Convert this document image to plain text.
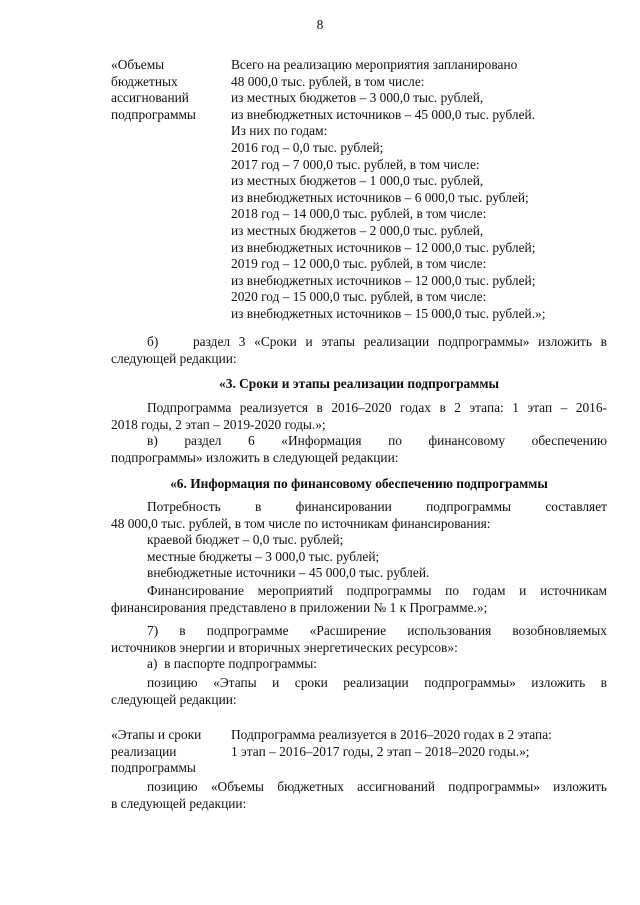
8
«Объемы
бюджетных
ассигнований
подпрограммы
Всего на реализацию мероприятия запланировано
48 000,0 тыс. рублей, в том числе:
из местных бюджетов – 3 000,0 тыс. рублей,
из внебюджетных источников – 45 000,0 тыс. рублей.
Из них по годам:
2016 год – 0,0 тыс. рублей;
2017 год – 7 000,0 тыс. рублей, в том числе:
из местных бюджетов – 1 000,0 тыс. рублей,
из внебюджетных источников – 6 000,0 тыс. рублей;
2018 год – 14 000,0 тыс. рублей, в том числе:
из местных бюджетов – 2 000,0 тыс. рублей,
из внебюджетных источников – 12 000,0 тыс. рублей;
2019 год – 12 000,0 тыс. рублей, в том числе:
из внебюджетных источников – 12 000,0 тыс. рублей;
2020 год – 15 000,0 тыс. рублей, в том числе:
из внебюджетных источников – 15 000,0 тыс. рублей.»;
б)    раздел 3 «Сроки и этапы реализации подпрограммы» изложить в
следующей редакции:
«3. Сроки и этапы реализации подпрограммы
Подпрограмма реализуется в 2016–2020 годах в 2 этапа: 1 этап – 2016-
2018 годы, 2 этап – 2019-2020 годы.»;
в)    раздел    6    «Информация    по    финансовому    обеспечению
подпрограммы» изложить в следующей редакции:
«6. Информация по финансовому обеспечению подпрограммы
Потребность    в    финансировании    подпрограммы    составляет
48 000,0 тыс. рублей, в том числе по источникам финансирования:
краевой бюджет – 0,0 тыс. рублей;
местные бюджеты – 3 000,0 тыс. рублей;
внебюджетные источники – 45 000,0 тыс. рублей.
Финансирование мероприятий подпрограммы по годам и источникам
финансирования представлено в приложении № 1 к Программе.»;
7) в подпрограмме «Расширение использования возобновляемых
источников энергии и вторичных энергетических ресурсов»:
а)  в паспорте подпрограммы:
позицию «Этапы и сроки реализации подпрограммы» изложить в
следующей редакции:
«Этапы и сроки
реализации
подпрограммы
Подпрограмма реализуется в 2016–2020 годах в 2 этапа:
1 этап – 2016–2017 годы, 2 этап – 2018–2020 годы.»;
позицию «Объемы бюджетных ассигнований подпрограммы» изложить
в следующей редакции:
